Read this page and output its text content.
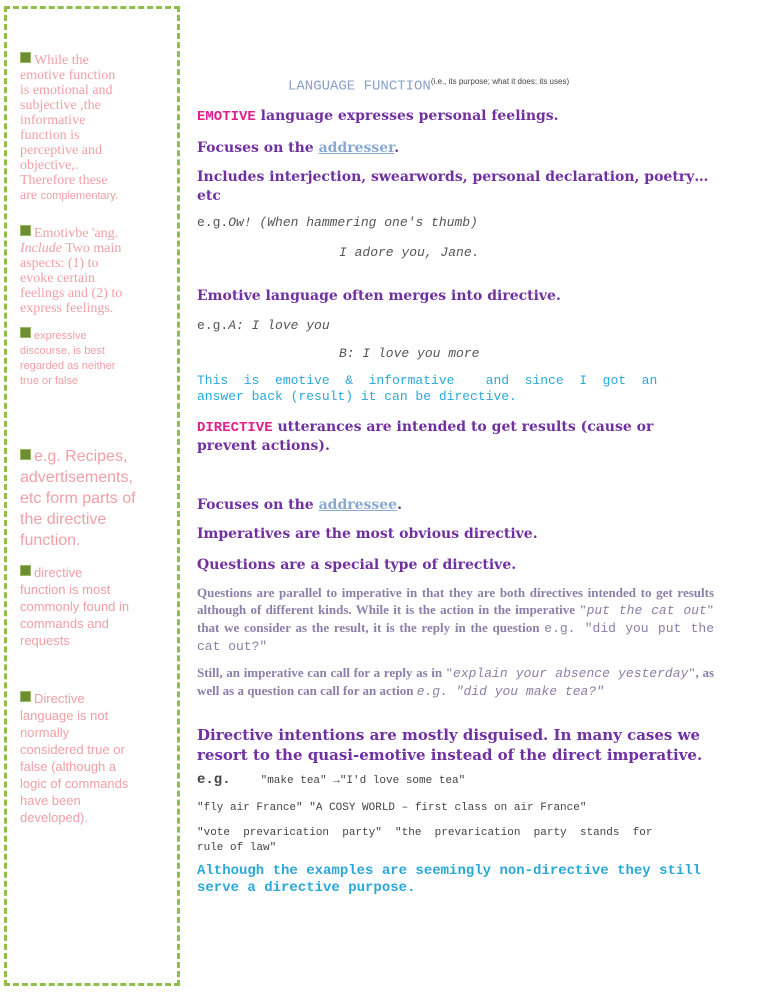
While the
emotive function
is emotional and
subjective ,the
informative
function is
perceptive and
objective,.
Therefore these
are complementary.
Emotivbe 'ang.
Include Two main
aspects: (1) to
evoke certain
feelings and (2) to
express feelings.
expressive
discourse, is best
regarded as neither
true or false
e.g. Recipes,
advertisements,
etc form parts of
the directive
function.
directive
function is most
commonly found in
commands and
requests
Directive
language is not
normally
considered true or
false (although a
logic of commands
have been
developed).
LANGUAGE $FUNCTION^{(i.e., its purpose; what it does; its uses)}$
EMOTIVE language expresses personal feelings.
Focuses on the addresser.
Includes interjection, swearwords, personal declaration, poetry… etc
e.g.Ow! (When hammering one's thumb)
I adore you, Jane.
Emotive language often merges into directive.
e.g.A: I love you
B: I love you more
This  is  emotive  &  informative    and  since  I  got  an
answer back (result) it can be directive.
DIRECTIVE utterances are intended to get results (cause or
prevent actions).
Focuses on the addressee.
Imperatives are the most obvious directive.
Questions are a special type of directive.
Questions are parallel to imperative in that they are both directives intended to get results although of different kinds. While it is the action in the imperative "put the cat out" that we consider as the result, it is the reply in the question e.g. "did you put the cat out?"
Still, an imperative can call for a reply as in "explain your absence yesterday", as well as a question can call for an action e.g. "did you make tea?"
Directive intentions are mostly disguised. In many cases we resort to the quasi-emotive instead of the direct imperative.
e.g.	"make tea" →"I'd love some tea"
"fly air France" "A COSY WORLD – first class on air France"
"vote  prevarication  party"  "the  prevarication  party  stands  for
rule of law"
Although the examples are seemingly non-directive they still serve a directive purpose.
